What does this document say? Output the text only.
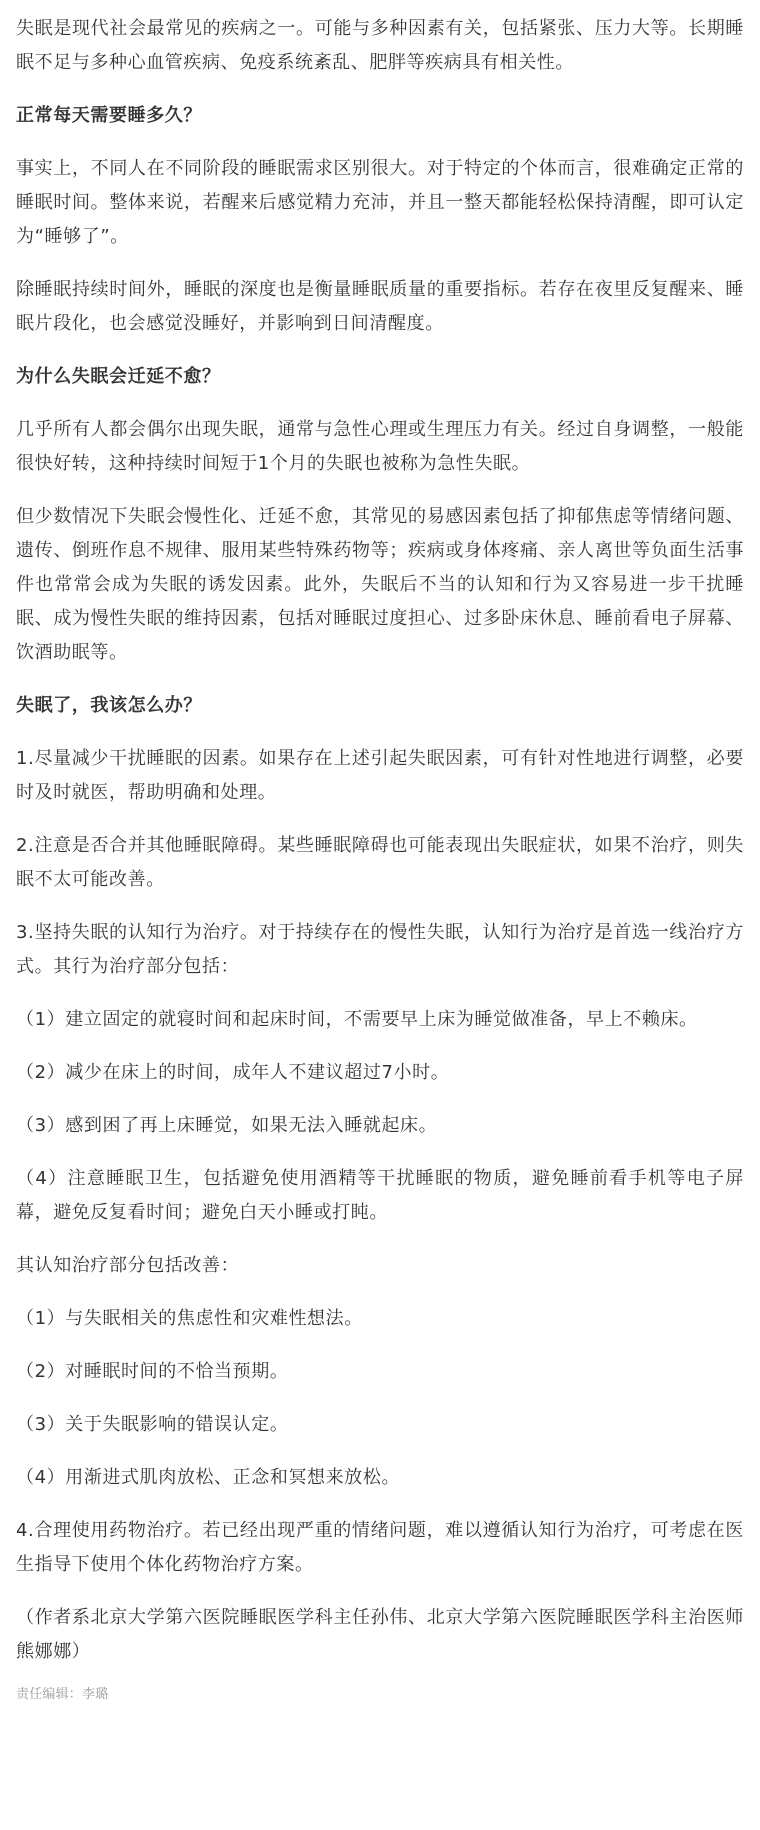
失眠是现代社会最常见的疾病之一。可能与多种因素有关，包括紧张、压力大等。长期睡眠不足与多种心血管疾病、免疫系统紊乱、肥胖等疾病具有相关性。

正常每天需要睡多久？

事实上，不同人在不同阶段的睡眠需求区别很大。对于特定的个体而言，很难确定正常的睡眠时间。整体来说，若醒来后感觉精力充沛，并且一整天都能轻松保持清醒，即可认定为“睡够了”。

除睡眠持续时间外，睡眠的深度也是衡量睡眠质量的重要指标。若存在夜里反复醒来、睡眠片段化，也会感觉没睡好，并影响到日间清醒度。

为什么失眠会迁延不愈？

几乎所有人都会偶尔出现失眠，通常与急性心理或生理压力有关。经过自身调整，一般能很快好转，这种持续时间短于1个月的失眠也被称为急性失眠。

但少数情况下失眠会慢性化、迁延不愈，其常见的易感因素包括了抑郁焦虑等情绪问题、遗传、倒班作息不规律、服用某些特殊药物等；疾病或身体疼痛、亲人离世等负面生活事件也常常会成为失眠的诱发因素。此外，失眠后不当的认知和行为又容易进一步干扰睡眠、成为慢性失眠的维持因素，包括对睡眠过度担心、过多卧床休息、睡前看电子屏幕、饮酒助眠等。

失眠了，我该怎么办？

1.尽量减少干扰睡眠的因素。如果存在上述引起失眠因素，可有针对性地进行调整，必要时及时就医，帮助明确和处理。

2.注意是否合并其他睡眠障碍。某些睡眠障碍也可能表现出失眠症状，如果不治疗，则失眠不太可能改善。

3.坚持失眠的认知行为治疗。对于持续存在的慢性失眠，认知行为治疗是首选一线治疗方式。其行为治疗部分包括：

（1）建立固定的就寝时间和起床时间，不需要早上床为睡觉做准备，早上不赖床。

（2）减少在床上的时间，成年人不建议超过7小时。

（3）感到困了再上床睡觉，如果无法入睡就起床。

（4）注意睡眠卫生，包括避免使用酒精等干扰睡眠的物质，避免睡前看手机等电子屏幕，避免反复看时间；避免白天小睡或打盹。

其认知治疗部分包括改善：

（1）与失眠相关的焦虑性和灾难性想法。

（2）对睡眠时间的不恰当预期。

（3）关于失眠影响的错误认定。

（4）用渐进式肌肉放松、正念和冥想来放松。

4.合理使用药物治疗。若已经出现严重的情绪问题，难以遵循认知行为治疗，可考虑在医生指导下使用个体化药物治疗方案。

（作者系北京大学第六医院睡眠医学科主任孙伟、北京大学第六医院睡眠医学科主治医师熊娜娜）

责任编辑：李璐
